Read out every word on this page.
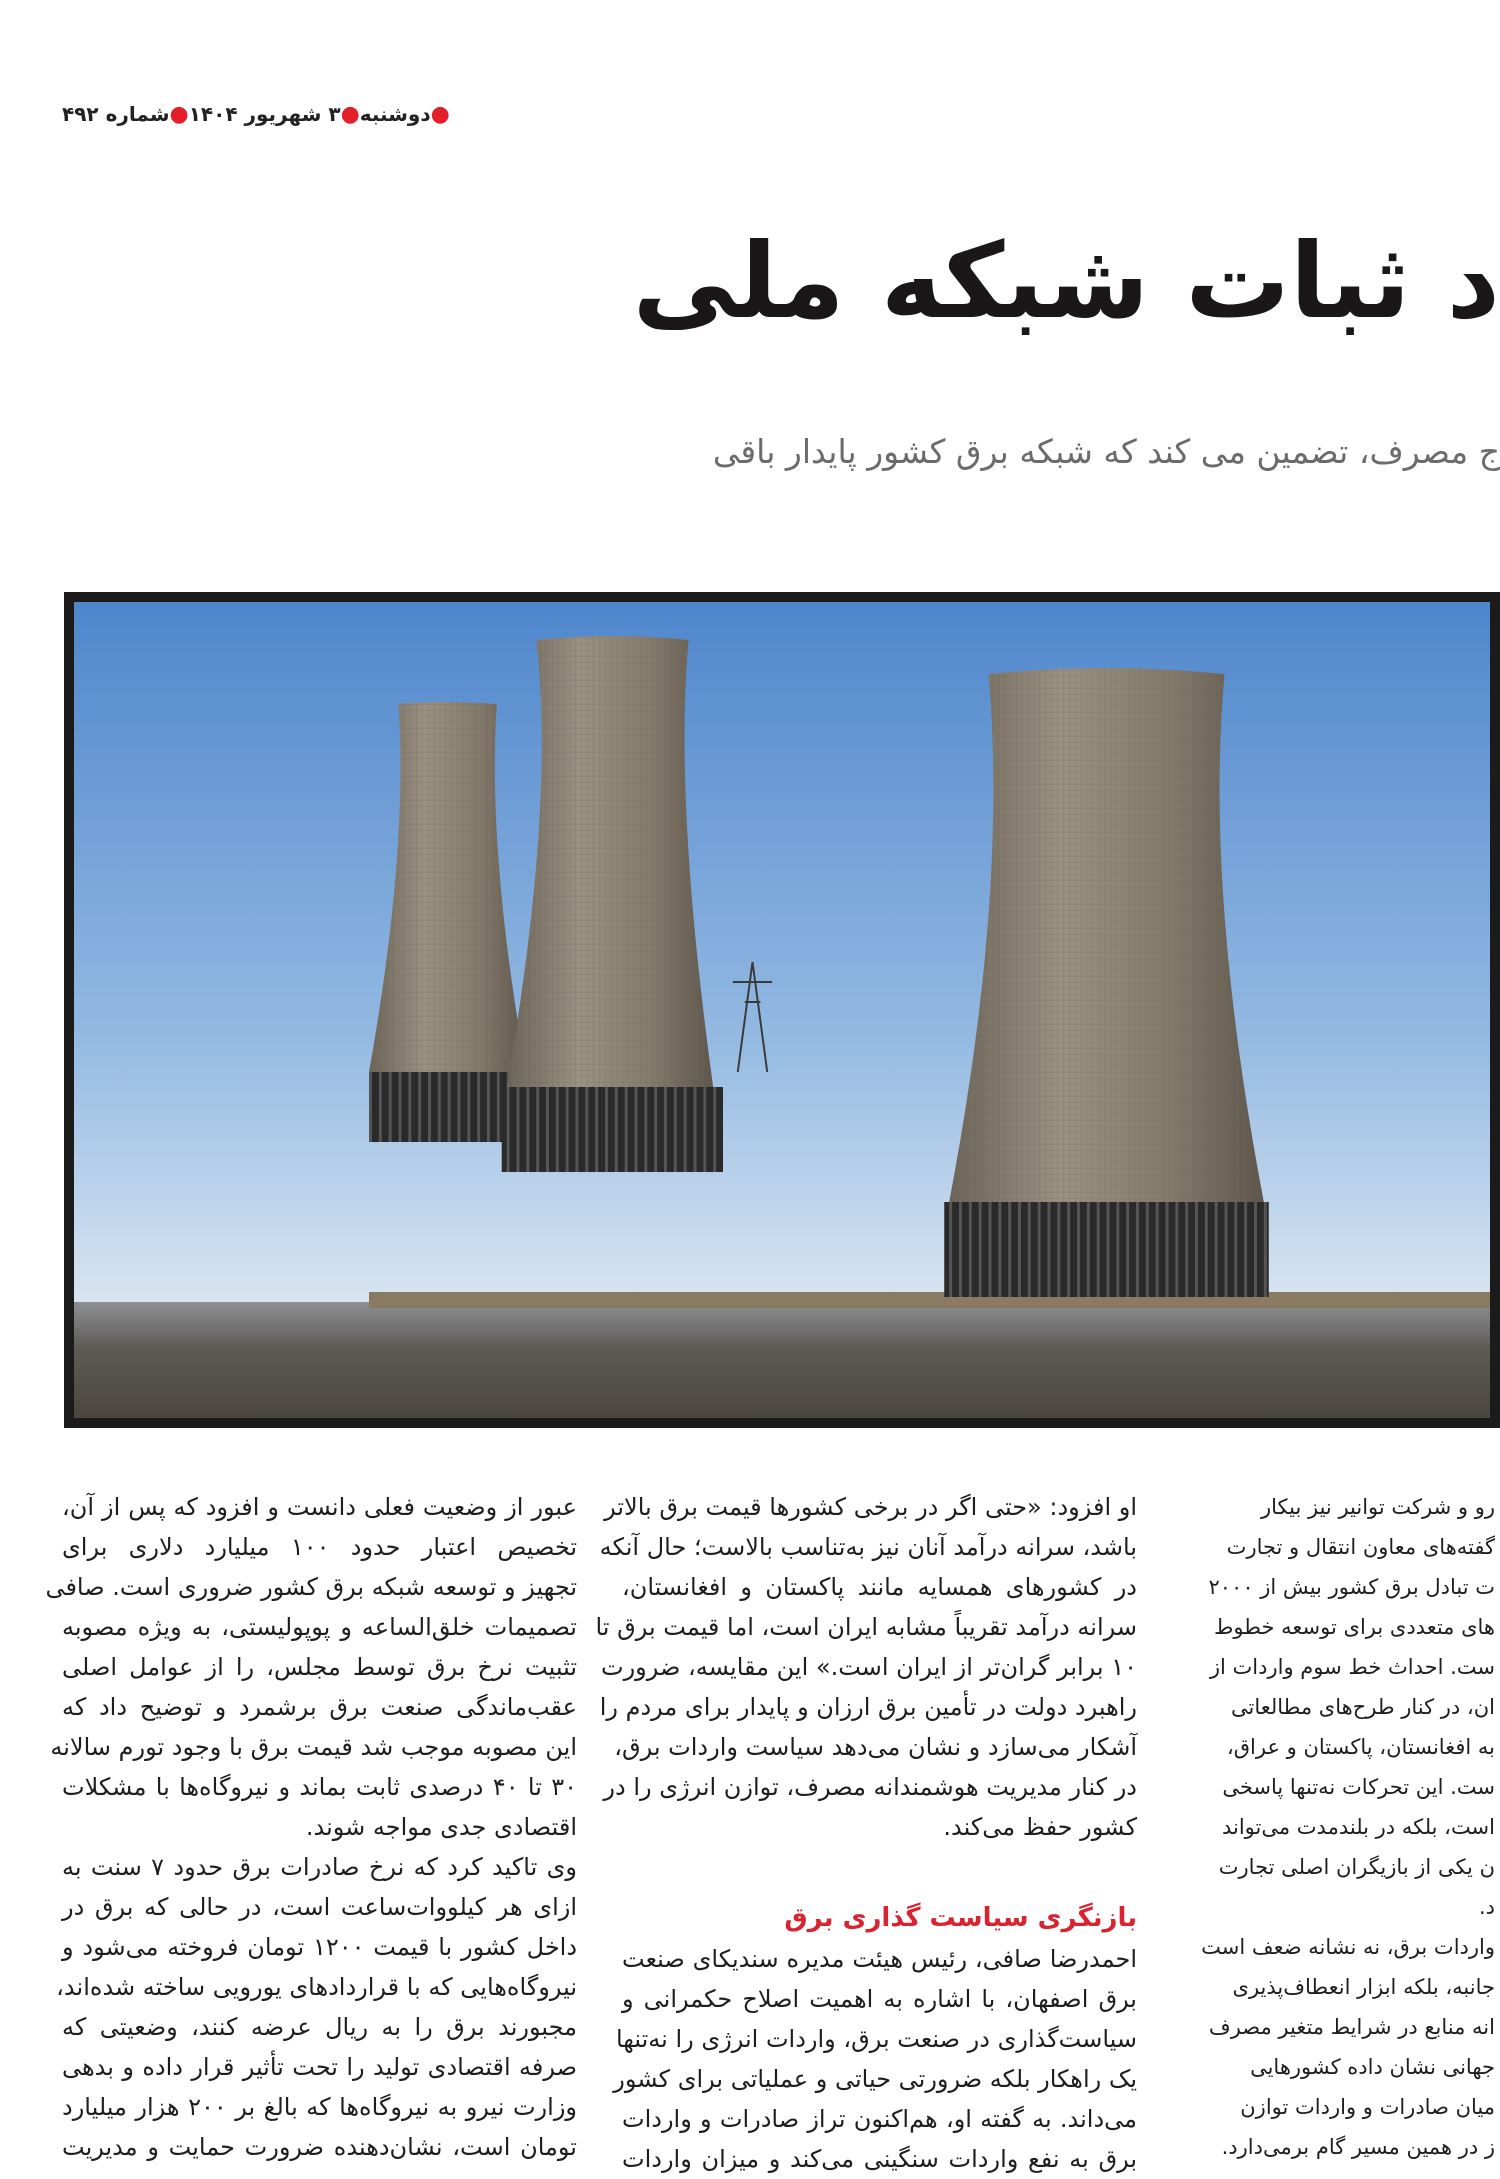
●دوشنبه●۳ شهریور ۱۴۰۴●شماره ۴۹۲
د ثبات شبکه ملی
ج مصرف، تضمین می کند که شبکه برق کشور پایدار باقی
عبور از وضعیت فعلی دانست و افزود که پس از آن،
تخصیص اعتبار حدود ۱۰۰ میلیارد دلاری برای
تجهیز و توسعه شبکه برق کشور ضروری است. صافی
تصمیمات خلق‌الساعه و پوپولیستی، به ویژه مصوبه
تثبیت نرخ برق توسط مجلس، را از عوامل اصلی
عقب‌ماندگی صنعت برق برشمرد و توضیح داد که
این مصوبه موجب شد قیمت برق با وجود تورم سالانه
۳۰ تا ۴۰ درصدی ثابت بماند و نیروگاه‌ها با مشکلات
اقتصادی جدی مواجه شوند.
وی تاکید کرد که نرخ صادرات برق حدود ۷ سنت به
ازای هر کیلووات‌ساعت است، در حالی که برق در
داخل کشور با قیمت ۱۲۰۰ تومان فروخته می‌شود و
نیروگاه‌هایی که با قراردادهای یورویی ساخته شده‌اند،
مجبورند برق را به ریال عرضه کنند، وضعیتی که
صرفه اقتصادی تولید را تحت تأثیر قرار داده و بدهی
وزارت نیرو به نیروگاه‌ها که بالغ بر ۲۰۰ هزار میلیارد
تومان است، نشان‌دهنده ضرورت حمایت و مدیریت
او افزود: «حتی اگر در برخی کشورها قیمت برق بالاتر
باشد، سرانه درآمد آنان نیز به‌تناسب بالاست؛ حال آنکه
در کشورهای همسایه مانند پاکستان و افغانستان،
سرانه درآمد تقریباً مشابه ایران است، اما قیمت برق تا
۱۰ برابر گران‌تر از ایران است.» این مقایسه، ضرورت
راهبرد دولت در تأمین برق ارزان و پایدار برای مردم را
آشکار می‌سازد و نشان می‌دهد سیاست واردات برق،
در کنار مدیریت هوشمندانه مصرف، توازن انرژی را در
کشور حفظ می‌کند.
بازنگری سیاست گذاری برق
احمدرضا صافی، رئیس هیئت مدیره سندیکای صنعت
برق اصفهان، با اشاره به اهمیت اصلاح حکمرانی و
سیاست‌گذاری در صنعت برق، واردات انرژی را نه‌تنها
یک راهکار بلکه ضرورتی حیاتی و عملیاتی برای کشور
می‌داند. به گفته او، هم‌اکنون تراز صادرات و واردات
برق به نفع واردات سنگینی می‌کند و میزان واردات
رو و شرکت توانیر نیز بیکار
گفته‌های معاون انتقال و تجارت
ت تبادل برق کشور بیش از ۲۰۰۰
های متعددی برای توسعه خطوط
ست. احداث خط سوم واردات از
ان، در کنار طرح‌های مطالعاتی
به افغانستان، پاکستان و عراق،
ست. این تحرکات نه‌تنها پاسخی
است، بلکه در بلندمدت می‌تواند
ن یکی از بازیگران اصلی تجارت
د.
واردات برق، نه نشانه ضعف است
جانبه، بلکه ابزار انعطاف‌پذیری
انه منابع در شرایط متغیر مصرف
جهانی نشان داده کشورهایی
میان صادرات و واردات توازن
ز در همین مسیر گام برمی‌دارد.
